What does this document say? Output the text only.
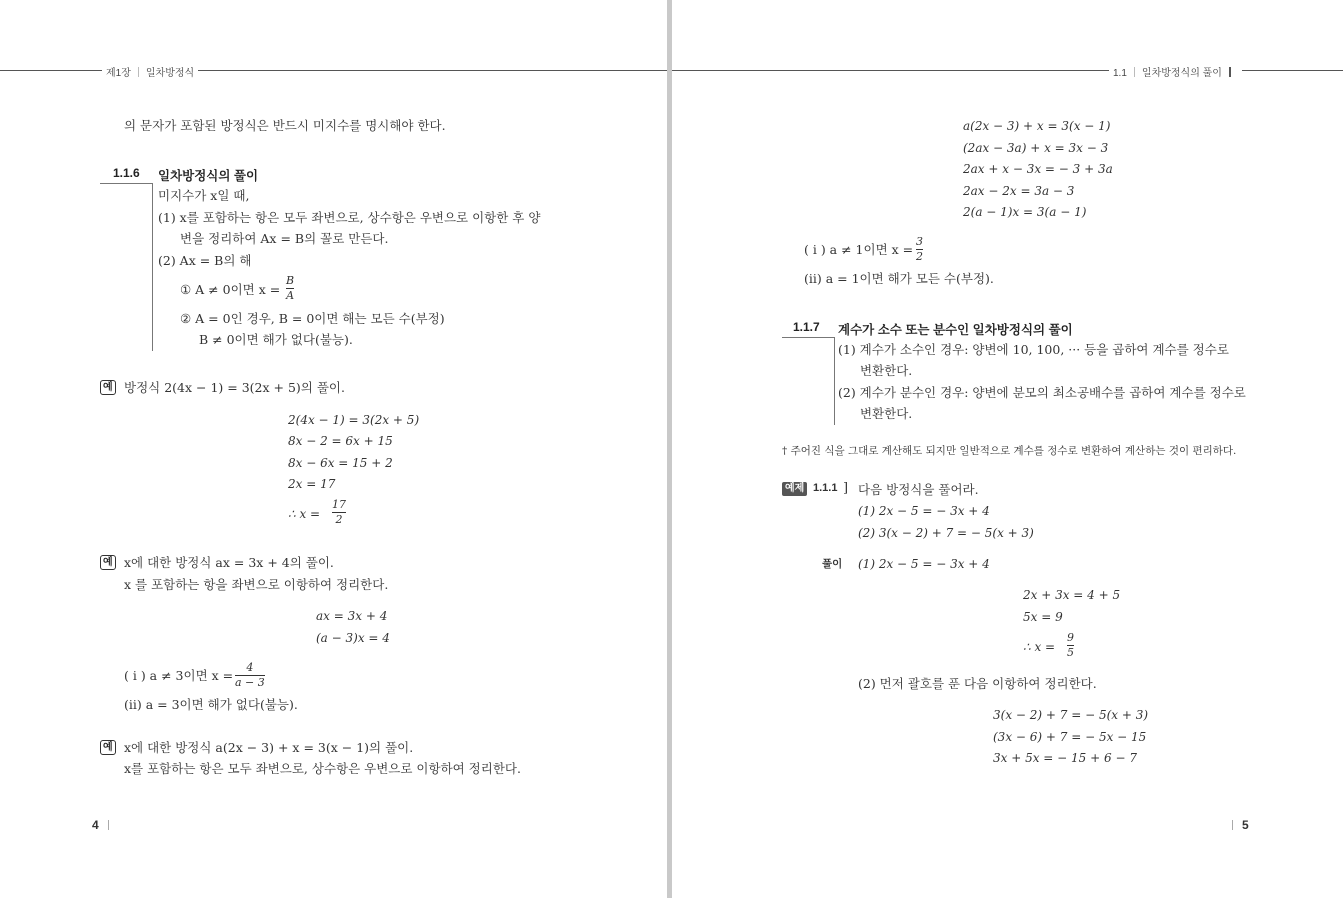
제1장 일차방정식
의 문자가 포함된 방정식은 반드시 미지수를 명시해야 한다.
1.1.6 일차방정식의 풀이
미지수가 x일 때,
(1) x를 포함하는 항은 모두 좌변으로, 상수항은 우변으로 이항한 후 양
변을 정리하여 Ax = B의 꼴로 만든다.
(2) Ax = B의 해
① A ≠ 0이면 x =
B
A
② A = 0인 경우, B = 0이면 해는 모든 수(부정)
B ≠ 0이면 해가 없다(불능).
예 방정식 2(4x − 1) = 3(2x + 5)의 풀이.
2(4x − 1) = 3(2x + 5)
8x − 2 = 6x + 15
8x − 6x = 15 + 2
2x = 17
∴ x =
17
2
예 x에 대한 방정식 ax = 3x + 4의 풀이.
x 를 포함하는 항을 좌변으로 이항하여 정리한다.
ax = 3x + 4
(a − 3)x = 4
( i ) a ≠ 3이면 x =
4
a − 3
(ii) a = 3이면 해가 없다(불능).
예 x에 대한 방정식 a(2x − 3) + x = 3(x − 1)의 풀이.
x를 포함하는 항은 모두 좌변으로, 상수항은 우변으로 이항하여 정리한다.
4
1.1 일차방정식의 풀이
a(2x − 3) + x = 3(x − 1)
(2ax − 3a) + x = 3x − 3
2ax + x − 3x = − 3 + 3a
2ax − 2x = 3a − 3
2(a − 1)x = 3(a − 1)
( i ) a ≠ 1이면 x =
3
2
(ii) a = 1이면 해가 모든 수(부정).
1.1.7 계수가 소수 또는 분수인 일차방정식의 풀이
(1) 계수가 소수인 경우: 양변에 10, 100, ··· 등을 곱하여 계수를 정수로
변환한다.
(2) 계수가 분수인 경우: 양변에 분모의 최소공배수를 곱하여 계수를 정수로
변환한다.
† 주어진 식을 그대로 계산해도 되지만 일반적으로 계수를 정수로 변환하여 계산하는 것이 편리하다.
예제 1.1.1 ] 다음 방정식을 풀어라.
(1) 2x − 5 = − 3x + 4
(2) 3(x − 2) + 7 = − 5(x + 3)
풀이 (1) 2x − 5 = − 3x + 4
2x + 3x = 4 + 5
5x = 9
∴ x =
9
5
(2) 먼저 괄호를 푼 다음 이항하여 정리한다.
3(x − 2) + 7 = − 5(x + 3)
(3x − 6) + 7 = − 5x − 15
3x + 5x = − 15 + 6 − 7
5
